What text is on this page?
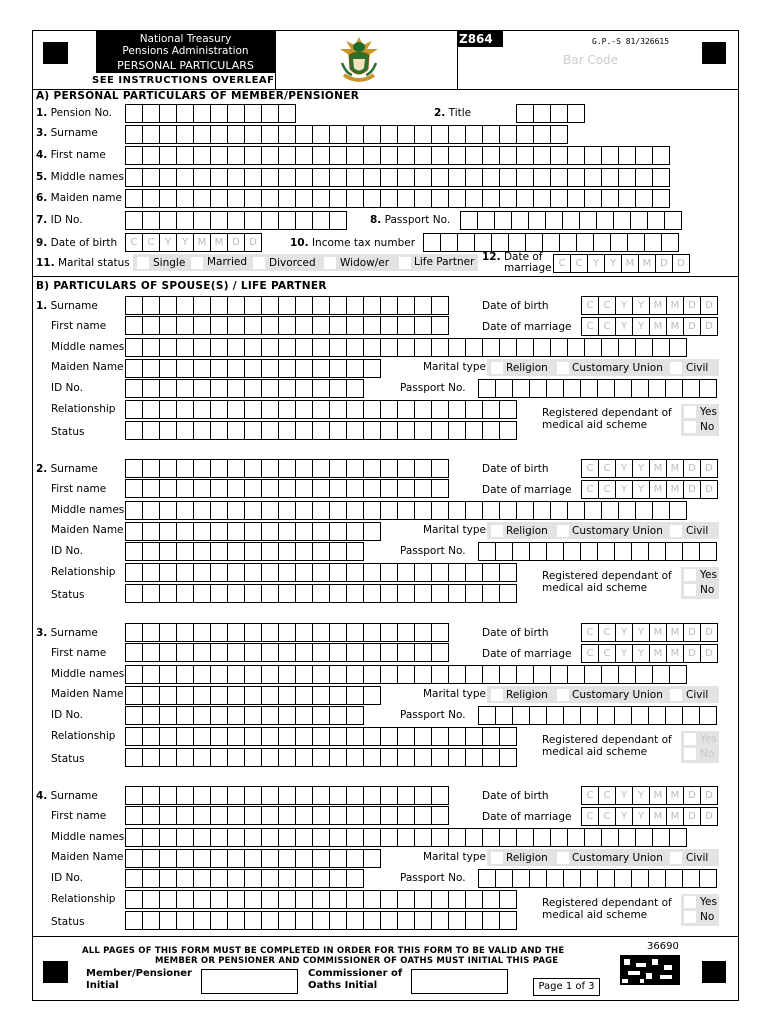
National Treasury
Pensions Administration
PERSONAL PARTICULARS
SEE INSTRUCTIONS OVERLEAF
Z864	G.P.-S 81/326615
Bar Code
A) PERSONAL PARTICULARS OF MEMBER/PENSIONER
1. Pension No.	2. Title
3. Surname
4. First name
5. Middle names
6. Maiden name
7. ID No.	8. Passport No.
9. Date of birth	C	C	Y	Y M M D D	10. Income tax number
11. Marital status Single Married Divorced Widow/er Life Partner 12. Date of
marriage C	C	Y	Y M M D D
B) PARTICULARS OF SPOUSE(S) / LIFE PARTNER
1. Surname	Date of birth	C	C	Y	Y M M D D
First name	Date of marriage	C	C	Y	Y M M D D
Middle names
Maiden Name	Marital type Religion Customary Union Civil
ID No.	Passport No.
Relationship	Registered dependant of
medical aid scheme
Yes
No
Status
2. Surname	Date of birth	C	C	Y	Y M M D D
First name	Date of marriage	C	C	Y	Y M M D D
Middle names
Maiden Name	Marital type Religion Customary Union Civil
ID No.	Passport No.
Relationship	Registered dependant of
medical aid scheme
Yes
No
Status
3. Surname	Date of birth	C	C	Y	Y M M D D
First name	Date of marriage	C	C	Y	Y M M D D
Middle names
Maiden Name	Marital type Religion Customary Union Civil
ID No.	Passport No.
Relationship	Registered dependant of
medical aid scheme
Yes
No
Status
4. Surname	Date of birth	C	C	Y	Y M M D D
First name	Date of marriage	C	C	Y	Y M M D D
Middle names
Maiden Name	Marital type Religion Customary Union Civil
ID No.	Passport No.
Relationship	Registered dependant of
medical aid scheme
Yes
No
Status
ALL PAGES OF THIS FORM MUST BE COMPLETED IN ORDER FOR THIS FORM TO BE VALID AND THE
MEMBER OR PENSIONER AND COMMISSIONER OF OATHS MUST INITIAL THIS PAGE
Member/Pensioner
Initial
Commissioner of
Oaths Initial	Page 1 of 3
36690
